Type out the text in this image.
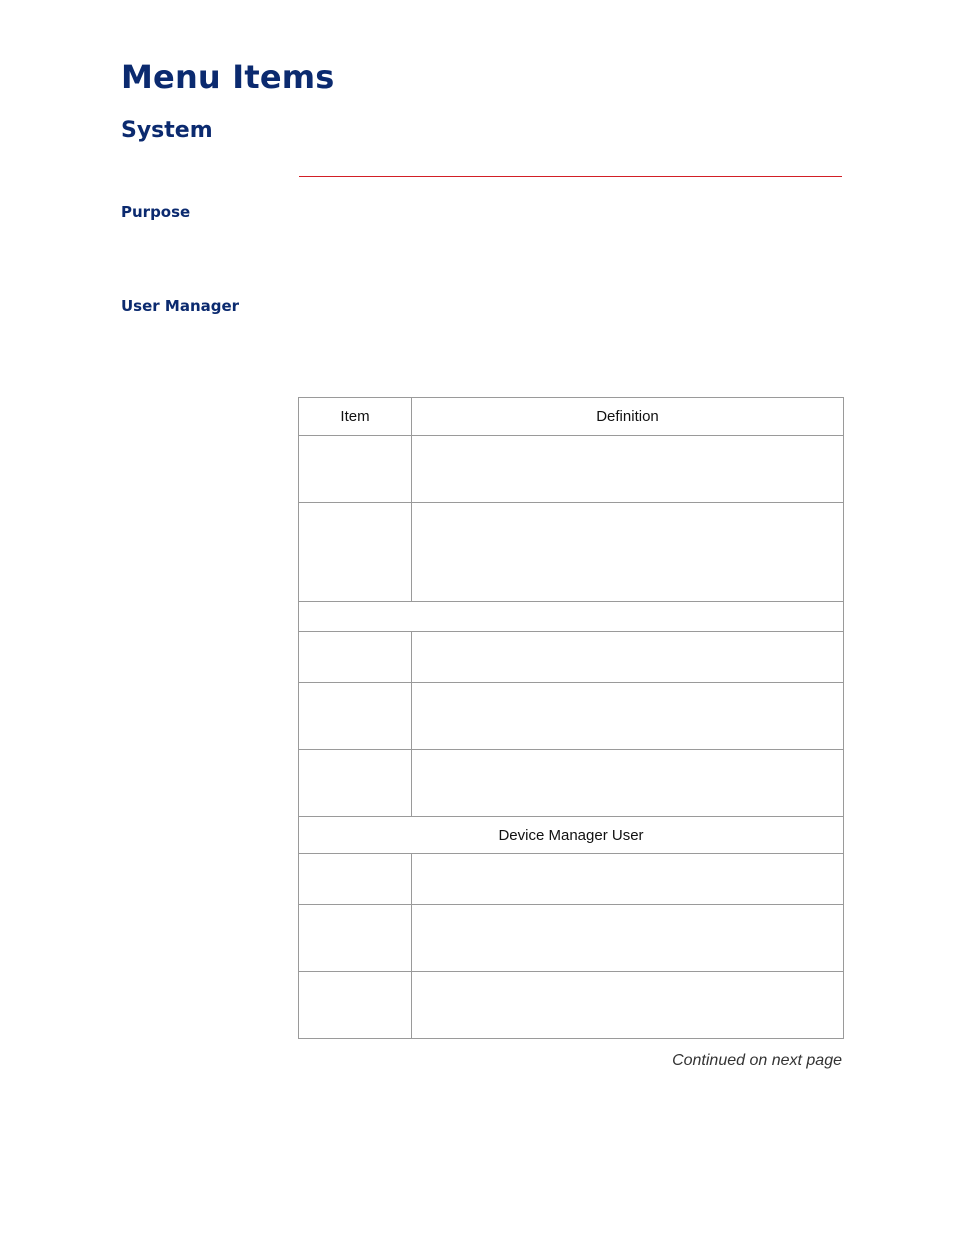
Menu Items
System
Purpose
User Manager
Item	Definition

Device Manager User	

Continued on next page
